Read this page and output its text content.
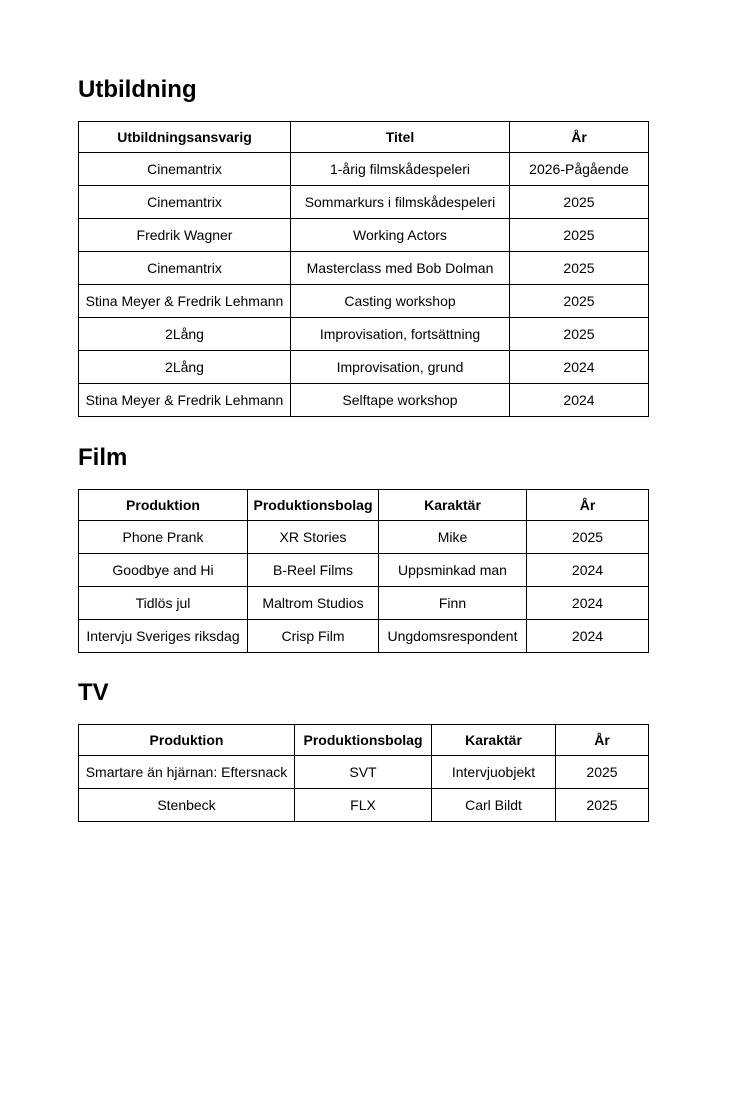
Utbildning
Utbildningsansvarig	Titel	År
Cinemantrix	1-årig filmskådespeleri	2026-Pågående
Cinemantrix	Sommarkurs i filmskådespeleri	2025
Fredrik Wagner	Working Actors	2025
Cinemantrix	Masterclass med Bob Dolman	2025
Stina Meyer & Fredrik Lehmann	Casting workshop	2025
2Lång	Improvisation, fortsättning	2025
2Lång	Improvisation, grund	2024
Stina Meyer & Fredrik Lehmann	Selftape workshop	2024
Film
Produktion	Produktionsbolag	Karaktär	År
Phone Prank	XR Stories	Mike	2025
Goodbye and Hi	B-Reel Films	Uppsminkad man	2024
Tidlös jul	Maltrom Studios	Finn	2024
Intervju Sveriges riksdag	Crisp Film	Ungdomsrespondent	2024
TV
Produktion	Produktionsbolag	Karaktär	År
Smartare än hjärnan: Eftersnack	SVT	Intervjuobjekt	2025
Stenbeck	FLX	Carl Bildt	2025
